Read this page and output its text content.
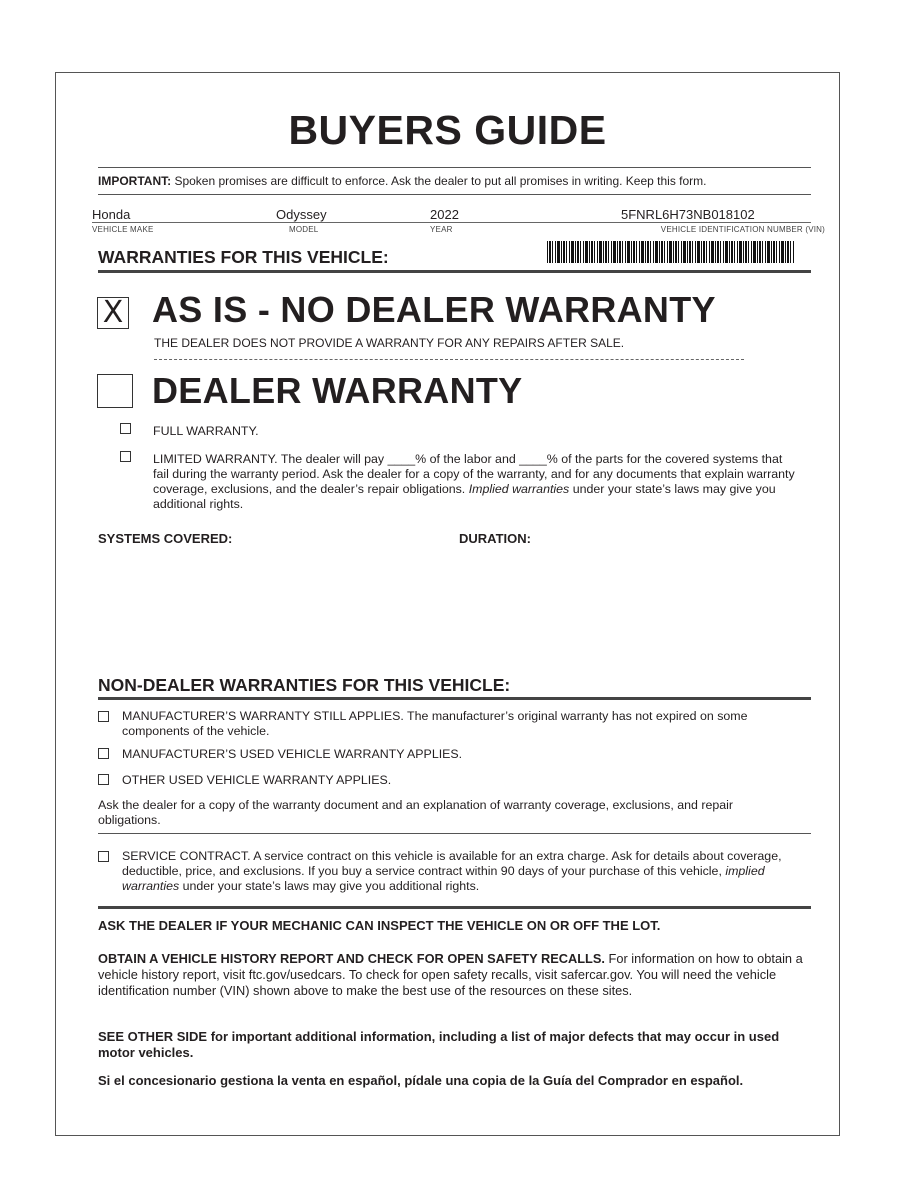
BUYERS GUIDE
IMPORTANT: Spoken promises are difficult to enforce. Ask the dealer to put all promises in writing. Keep this form.
Honda	Odyssey	2022	5FNRL6H73NB018102
VEHICLE MAKE	MODEL	YEAR	VEHICLE IDENTIFICATION NUMBER (VIN)
WARRANTIES FOR THIS VEHICLE:
X AS IS - NO DEALER WARRANTY
THE DEALER DOES NOT PROVIDE A WARRANTY FOR ANY REPAIRS AFTER SALE.
DEALER WARRANTY
FULL WARRANTY.
LIMITED WARRANTY. The dealer will pay ____% of the labor and ____% of the parts for the covered systems that fail during the warranty period. Ask the dealer for a copy of the warranty, and for any documents that explain warranty coverage, exclusions, and the dealer’s repair obligations. Implied warranties under your state’s laws may give you additional rights.
SYSTEMS COVERED:	DURATION:
NON-DEALER WARRANTIES FOR THIS VEHICLE:
MANUFACTURER’S WARRANTY STILL APPLIES. The manufacturer’s original warranty has not expired on some components of the vehicle.
MANUFACTURER’S USED VEHICLE WARRANTY APPLIES.
OTHER USED VEHICLE WARRANTY APPLIES.
Ask the dealer for a copy of the warranty document and an explanation of warranty coverage, exclusions, and repair obligations.
SERVICE CONTRACT. A service contract on this vehicle is available for an extra charge. Ask for details about coverage, deductible, price, and exclusions. If you buy a service contract within 90 days of your purchase of this vehicle, implied warranties under your state’s laws may give you additional rights.
ASK THE DEALER IF YOUR MECHANIC CAN INSPECT THE VEHICLE ON OR OFF THE LOT.
OBTAIN A VEHICLE HISTORY REPORT AND CHECK FOR OPEN SAFETY RECALLS. For information on how to obtain a vehicle history report, visit ftc.gov/usedcars. To check for open safety recalls, visit safercar.gov. You will need the vehicle identification number (VIN) shown above to make the best use of the resources on these sites.
SEE OTHER SIDE for important additional information, including a list of major defects that may occur in used motor vehicles.
Si el concesionario gestiona la venta en español, pídale una copia de la Guía del Comprador en español.
